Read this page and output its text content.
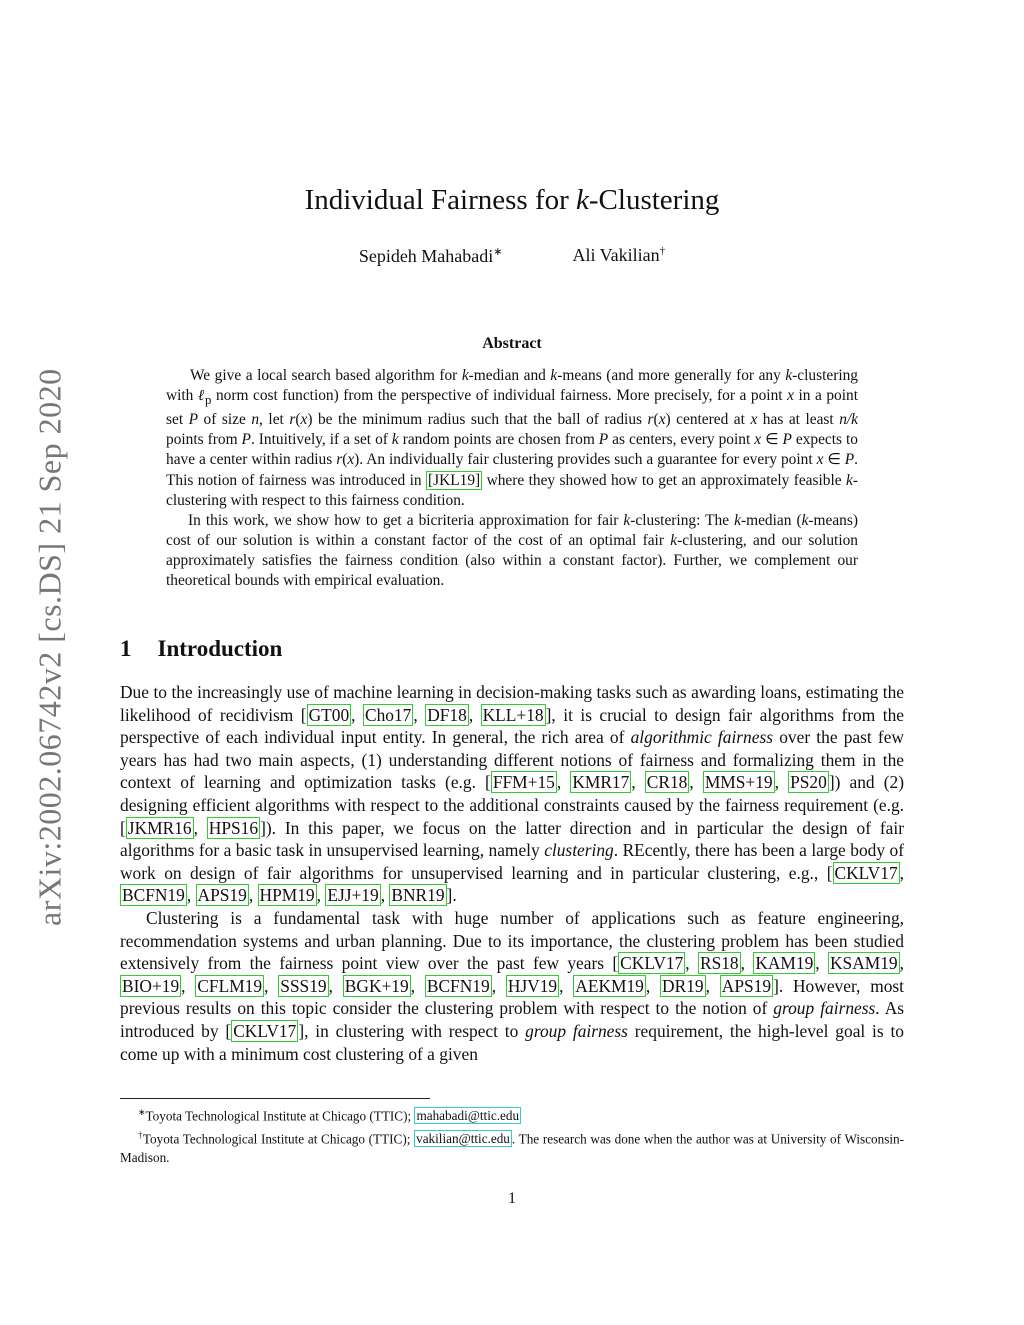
arXiv:2002.06742v2 [cs.DS] 21 Sep 2020
Individual Fairness for k-Clustering
Sepideh Mahabadi∗	Ali Vakilian†
Abstract

We give a local search based algorithm for k-median and k-means (and more generally for any k-clustering with ℓ$_p$ norm cost function) from the perspective of individual fairness. More precisely, for a point x in a point set P of size n, let r(x) be the minimum radius such that the ball of radius r(x) centered at x has at least n/k points from P. Intuitively, if a set of k random points are chosen from P as centers, every point x ∈ P expects to have a center within radius r(x). An individually fair clustering provides such a guarantee for every point x ∈ P. This notion of fairness was introduced in [JKL19] where they showed how to get an approximately feasible k-clustering with respect to this fairness condition.

In this work, we show how to get a bicriteria approximation for fair k-clustering: The k-median (k-means) cost of our solution is within a constant factor of the cost of an optimal fair k-clustering, and our solution approximately satisfies the fairness condition (also within a constant factor). Further, we complement our theoretical bounds with empirical evaluation.

1 Introduction

Due to the increasingly use of machine learning in decision-making tasks such as awarding loans, estimating the likelihood of recidivism [ GT00 , Cho17 , DF18 , KLL+18 ], it is crucial to design fair algorithms from the perspective of each individual input entity. In general, the rich area of algorithmic fairness over the past few years has had two main aspects, (1) understanding different notions of fairness and formalizing them in the context of learning and optimization tasks (e.g. [ FFM+15 , KMR17 , CR18 , MMS+19 , PS20 ]) and (2) designing efficient algorithms with respect to the additional constraints caused by the fairness requirement (e.g. [ JKMR16 , HPS16 ]). In this paper, we focus on the latter direction and in particular the design of fair algorithms for a basic task in unsupervised learning, namely clustering. REcently, there has been a large body of work on design of fair algorithms for unsupervised learning and in particular clustering, e.g., [ CKLV17 , BCFN19 , APS19 , HPM19 , EJJ+19 , BNR19 ].

Clustering is a fundamental task with huge number of applications such as feature engineering, recommendation systems and urban planning. Due to its importance, the clustering problem has been studied extensively from the fairness point view over the past few years [ CKLV17 , RS18 , KAM19 , KSAM19 , BIO+19 , CFLM19 , SSS19 , BGK+19 , BCFN19 , HJV19 , AEKM19 , DR19 , APS19 ]. However, most previous results on this topic consider the clustering problem with respect to the notion of group fairness. As introduced by [ CKLV17 ], in clustering with respect to group fairness requirement, the high-level goal is to come up with a minimum cost clustering of a given

∗Toyota Technological Institute at Chicago (TTIC); mahabadi@ttic.edu

†Toyota Technological Institute at Chicago (TTIC); vakilian@ttic.edu . The research was done when the author was at University of Wisconsin-Madison.

1
